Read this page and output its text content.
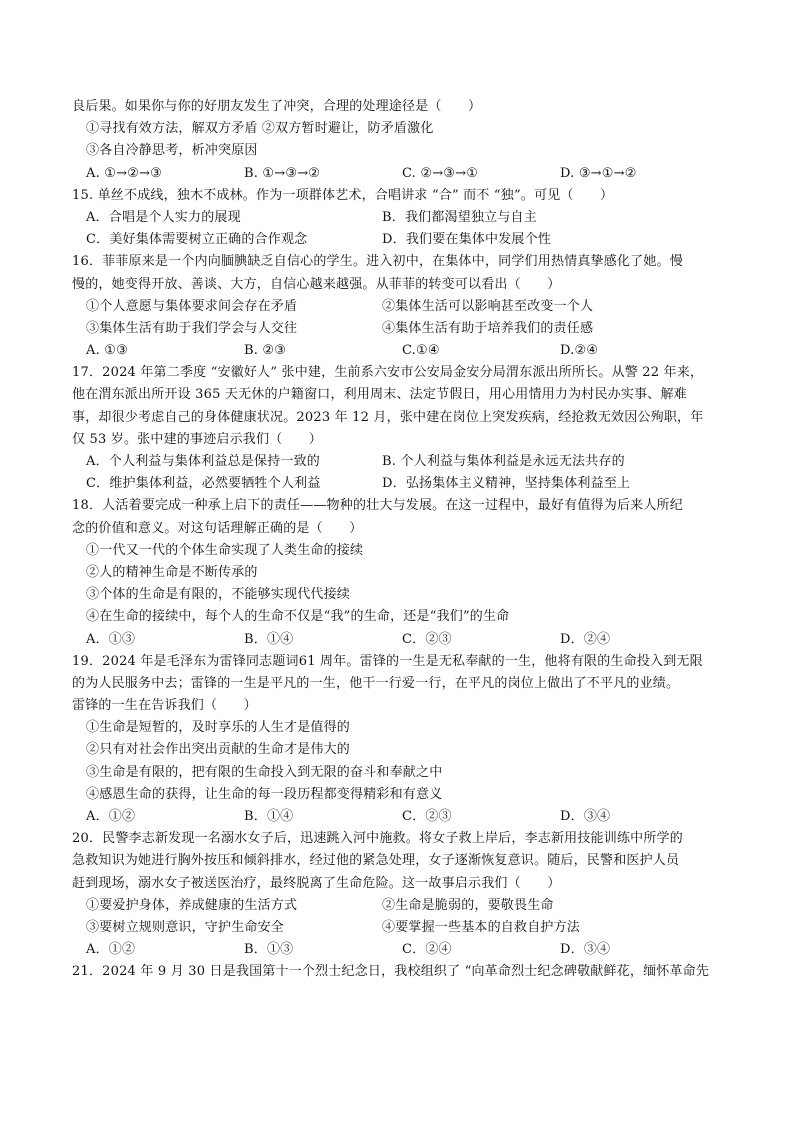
良后果。如果你与你的好朋友发生了冲突，合理的处理途径是（　　）
①寻找有效方法，解双方矛盾 ②双方暂时避让，防矛盾激化
③各自冷静思考，析冲突原因
A. ①→②→③	B. ①→③→②	C. ②→③→①	D. ③→①→②
15. 单丝不成线，独木不成林。作为一项群体艺术，合唱讲求 “合” 而不 “独”。可见（　　）
A．合唱是个人实力的展现	B．我们都渴望独立与自主
C．美好集体需要树立正确的合作观念	D．我们要在集体中发展个性
16．菲菲原来是一个内向腼腆缺乏自信心的学生。进入初中，在集体中，同学们用热情真挚感化了她。慢
慢的，她变得开放、善谈、大方，自信心越来越强。从菲菲的转变可以看出（　　）
①个人意愿与集体要求间会存在矛盾	②集体生活可以影响甚至改变一个人
③集体生活有助于我们学会与人交往	④集体生活有助于培养我们的责任感
A. ①③	B. ②③	C.①④	D.②④
17．2024 年第二季度 “安徽好人” 张中建，生前系六安市公安局金安分局渭东派出所所长。从警 22 年来，
他在渭东派出所开设 365 天无休的户籍窗口，利用周末、法定节假日，用心用情用力为村民办实事、解难
事，却很少考虑自己的身体健康状况。2023 年 12 月，张中建在岗位上突发疾病，经抢救无效因公殉职，年
仅 53 岁。张中建的事迹启示我们（　　）
A．个人利益与集体利益总是保持一致的	B. 个人利益与集体利益是永远无法共存的
C．维护集体利益，必然要牺牲个人利益	D．弘扬集体主义精神，坚持集体利益至上
18．人活着要完成一种承上启下的责任——物种的壮大与发展。在这一过程中，最好有值得为后来人所纪
念的价值和意义。对这句话理解正确的是（　　）
①一代又一代的个体生命实现了人类生命的接续
②人的精神生命是不断传承的
③个体的生命是有限的，不能够实现代代接续
④在生命的接续中，每个人的生命不仅是“我”的生命，还是“我们”的生命
A．①③	B．①④	C．②③	D．②④
19．2024 年是毛泽东为雷锋同志题词61 周年。雷锋的一生是无私奉献的一生，他将有限的生命投入到无限
的为人民服务中去；雷锋的一生是平凡的一生，他干一行爱一行，在平凡的岗位上做出了不平凡的业绩。
雷锋的一生在告诉我们（　　）
①生命是短暂的，及时享乐的人生才是值得的
②只有对社会作出突出贡献的生命才是伟大的
③生命是有限的，把有限的生命投入到无限的奋斗和奉献之中
④感恩生命的获得，让生命的每一段历程都变得精彩和有意义
A．①②	B．①④	C．②③	D．③④
20．民警李志新发现一名溺水女子后，迅速跳入河中施救。将女子救上岸后，李志新用技能训练中所学的
急救知识为她进行胸外按压和倾斜排水，经过他的紧急处理，女子逐渐恢复意识。随后，民警和医护人员
赶到现场，溺水女子被送医治疗，最终脱离了生命危险。这一故事启示我们（　　）
①要爱护身体，养成健康的生活方式	②生命是脆弱的，要敬畏生命
③要树立规则意识，守护生命安全	④要掌握一些基本的自救自护方法
A．①②	B．①③	C．②④	D．③④
21．2024 年 9 月 30 日是我国第十一个烈士纪念日，我校组织了 “向革命烈士纪念碑敬献鲜花，缅怀革命先
